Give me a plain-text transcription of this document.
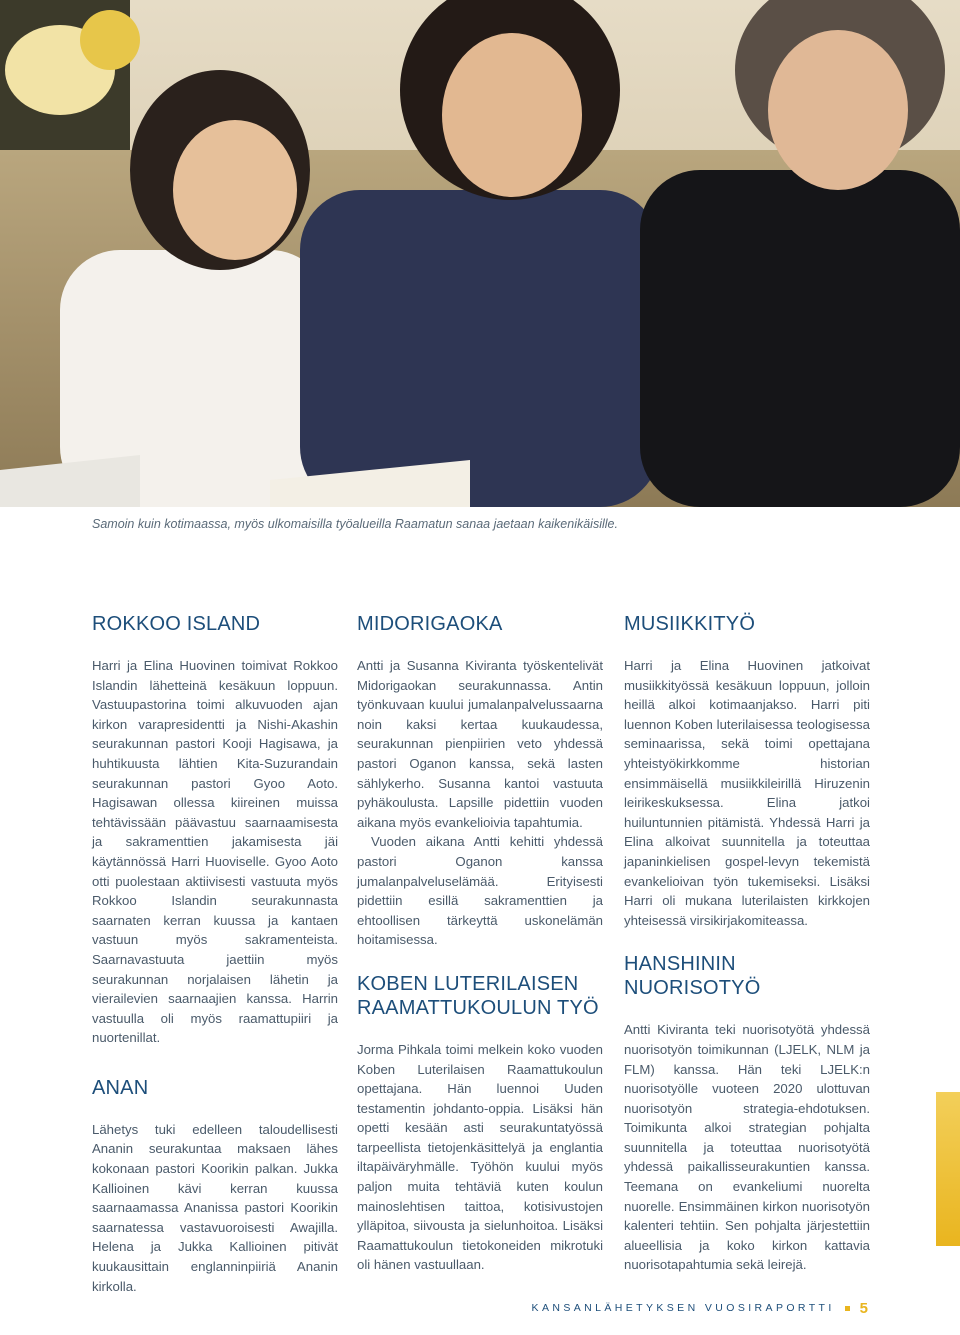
Samoin kuin kotimaassa, myös ulkomaisilla työalueilla Raamatun sanaa jaetaan kaikenikäisille.
ROKKOO ISLAND

Harri ja Elina Huovinen toimivat Rokkoo Islandin lähetteinä kesäkuun loppuun. Vastuupastorina toimi alkuvuoden ajan kirkon varapresidentti ja Nishi-Akashin seurakunnan pastori Kooji Hagisawa, ja huhtikuusta lähtien Kita-Suzurandain seurakunnan pastori Gyoo Aoto. Hagisawan ollessa kiireinen muissa tehtävissään päävastuu saarnaamisesta ja sakramenttien jakamisesta jäi käytännössä Harri Huoviselle. Gyoo Aoto otti puolestaan aktiivisesti vastuuta myös Rokkoo Islandin seurakunnasta saarnaten kerran kuussa ja kantaen vastuun myös sakramenteista. Saarnavastuuta jaettiin myös seurakunnan norjalaisen lähetin ja vierailevien saarnaajien kanssa. Harrin vastuulla oli myös raamattupiiri ja nuortenillat.

ANAN

Lähetys tuki edelleen taloudellisesti Ananin seurakuntaa maksaen lähes kokonaan pastori Koorikin palkan. Jukka Kallioinen kävi kerran kuussa saarnaamassa Ananissa pastori Koorikin saarnatessa vastavuoroisesti Awajilla. Helena ja Jukka Kallioinen pitivät kuukausittain englanninpiiriä Ananin kirkolla.

MIDORIGAOKA

Antti ja Susanna Kiviranta työskentelivät Midorigaokan seurakunnassa. Antin työnkuvaan kuului jumalanpalvelussaarna noin kaksi kertaa kuukaudessa, seurakunnan pienpiirien veto yhdessä pastori Oganon kanssa, sekä lasten sählykerho. Susanna kantoi vastuuta pyhäkoulusta. Lapsille pidettiin vuoden aikana myös evankelioivia tapahtumia.

Vuoden aikana Antti kehitti yhdessä pastori Oganon kanssa jumalanpalveluselämää. Erityisesti pidettiin esillä sakramenttien ja ehtoollisen tärkeyttä uskonelämän hoitamisessa.

KOBEN LUTERILAISEN RAAMATTUKOULUN TYÖ

Jorma Pihkala toimi melkein koko vuoden Koben Luterilaisen Raamattukoulun opettajana. Hän luennoi Uuden testamentin johdanto-oppia. Lisäksi hän opetti kesään asti seurakuntatyössä tarpeellista tietojenkäsittelyä ja englantia iltapäiväryhmälle. Työhön kuului myös paljon muita tehtäviä kuten koulun mainoslehtisen taittoa, kotisivustojen ylläpitoa, siivousta ja sielunhoitoa. Lisäksi Raamattukoulun tietokoneiden mikrotuki oli hänen vastuullaan.

MUSIIKKITYÖ

Harri ja Elina Huovinen jatkoivat musiikkityössä kesäkuun loppuun, jolloin heillä alkoi kotimaanjakso. Harri piti luennon Koben luterilaisessa teologisessa seminaarissa, sekä toimi opettajana yhteistyökirkkomme historian ensimmäisellä musiikkileirillä Hiruzenin leirikeskuksessa. Elina jatkoi huiluntunnien pitämistä. Yhdessä Harri ja Elina alkoivat suunnitella ja toteuttaa japaninkielisen gospel-levyn tekemistä evankelioivan työn tukemiseksi. Lisäksi Harri oli mukana luterilaisten kirkkojen yhteisessä virsikirjakomiteassa.

HANSHININ NUORISOTYÖ

Antti Kiviranta teki nuorisotyötä yhdessä nuorisotyön toimikunnan (LJELK, NLM ja FLM) kanssa. Hän teki LJELK:n nuorisotyölle vuoteen 2020 ulottuvan nuorisotyön strategia-ehdotuksen. Toimikunta alkoi strategian pohjalta suunnitella ja toteuttaa nuorisotyötä yhdessä paikallisseurakuntien kanssa. Teemana on evankeliumi nuorelta nuorelle. Ensimmäinen kirkon nuorisotyön kalenteri tehtiin. Sen pohjalta järjestettiin alueellisia ja koko kirkon kattavia nuorisotapahtumia sekä leirejä.

KANSANLÄHETYKSEN VUOSIRAPORTTI 5
